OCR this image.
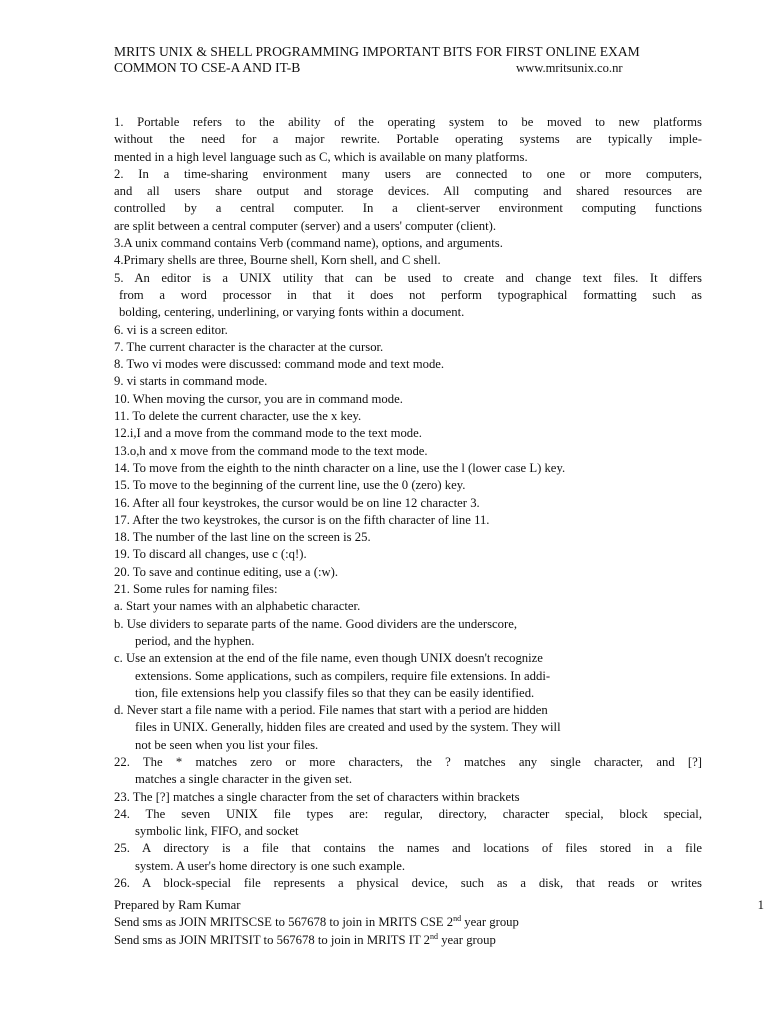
MRITS UNIX & SHELL PROGRAMMING IMPORTANT BITS FOR FIRST ONLINE EXAM
COMMON TO CSE-A AND IT-B	www.mritsunix.co.nr
1. Portable refers to the ability of the operating system to be moved to new platforms
without the need for a major rewrite. Portable operating systems are typically imple-
mented in a high level language such as C, which is available on many platforms.
2. In a time-sharing environment many users are connected to one or more computers,
and all users share output and storage devices. All computing and shared resources are
controlled by a central computer. In a client-server environment computing functions
are split between a central computer (server) and a users' computer (client).
3.A unix command contains Verb (command name), options, and arguments.
4.Primary shells are three, Bourne shell, Korn shell, and C shell.
5. An editor is a UNIX utility that can be used to create and change text files. It differs
from a word processor in that it does not perform typographical formatting such as
bolding, centering, underlining, or varying fonts within a document.
6. vi is a screen editor.
7. The current character is the character at the cursor.
8. Two vi modes were discussed: command mode and text mode.
9. vi starts in command mode.
10. When moving the cursor, you are in command mode.
11. To delete the current character, use the x key.
12.i,I and a move from the command mode to the text mode.
13.o,h and x move from the command mode to the text mode.
14. To move from the eighth to the ninth character on a line, use the l (lower case L) key.
15. To move to the beginning of the current line, use the 0 (zero) key.
16. After all four keystrokes, the cursor would be on line 12 character 3.
17. After the two keystrokes, the cursor is on the fifth character of line 11.
18. The number of the last line on the screen is 25.
19. To discard all changes, use c (:q!).
20. To save and continue editing, use a (:w).
21. Some rules for naming files:
a. Start your names with an alphabetic character.
b. Use dividers to separate parts of the name. Good dividers are the underscore,
period, and the hyphen.
c. Use an extension at the end of the file name, even though UNIX doesn't recognize
extensions. Some applications, such as compilers, require file extensions. In addi-
tion, file extensions help you classify files so that they can be easily identified.
d. Never start a file name with a period. File names that start with a period are hidden
files in UNIX. Generally, hidden files are created and used by the system. They will
not be seen when you list your files.
22. The * matches zero or more characters, the ? matches any single character, and [?]
matches a single character in the given set.
23. The [?] matches a single character from the set of characters within brackets
24. The seven UNIX file types are: regular, directory, character special, block special,
symbolic link, FIFO, and socket
25. A directory is a file that contains the names and locations of files stored in a file
system. A user's home directory is one such example.
26. A block-special file represents a physical device, such as a disk, that reads or writes
Prepared by Ram Kumar	1
Send sms as JOIN MRITSCSE to 567678 to join in MRITS CSE 2nd year group
Send sms as JOIN MRITSIT to 567678 to join in MRITS IT 2nd year group
